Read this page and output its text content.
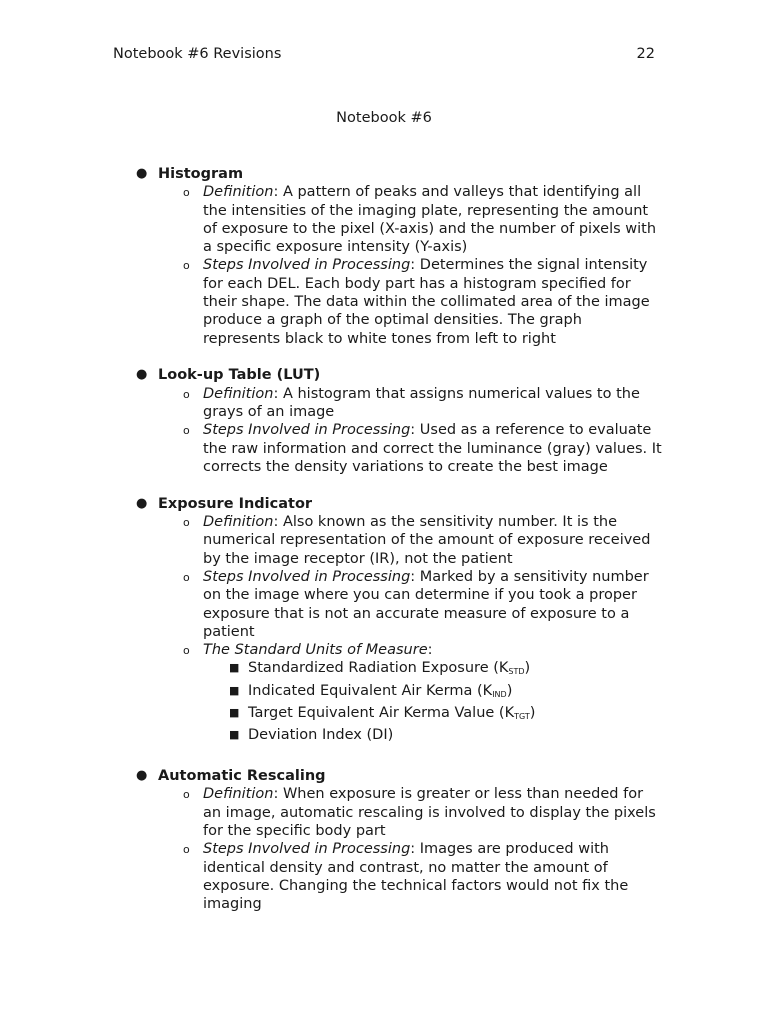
Notebook #6 Revisions	22
Notebook #6
● Histogram
o Definition: A pattern of peaks and valleys that identifying all the intensities of the imaging plate, representing the amount of exposure to the pixel (X-axis) and the number of pixels with a specific exposure intensity (Y-axis)
o Steps Involved in Processing: Determines the signal intensity for each DEL. Each body part has a histogram specified for their shape. The data within the collimated area of the image produce a graph of the optimal densities. The graph represents black to white tones from left to right
● Look-up Table (LUT)
o Definition: A histogram that assigns numerical values to the grays of an image
o Steps Involved in Processing: Used as a reference to evaluate the raw information and correct the luminance (gray) values. It corrects the density variations to create the best image
● Exposure Indicator
o Definition: Also known as the sensitivity number. It is the numerical representation of the amount of exposure received by the image receptor (IR), not the patient
o Steps Involved in Processing: Marked by a sensitivity number on the image where you can determine if you took a proper exposure that is not an accurate measure of exposure to a patient
o The Standard Units of Measure:
■ Standardized Radiation Exposure (KSTD)
■ Indicated Equivalent Air Kerma (KIND)
■ Target Equivalent Air Kerma Value (KTGT)
■ Deviation Index (DI)
● Automatic Rescaling
o Definition: When exposure is greater or less than needed for an image, automatic rescaling is involved to display the pixels for the specific body part
o Steps Involved in Processing: Images are produced with identical density and contrast, no matter the amount of exposure. Changing the technical factors would not fix the imaging
